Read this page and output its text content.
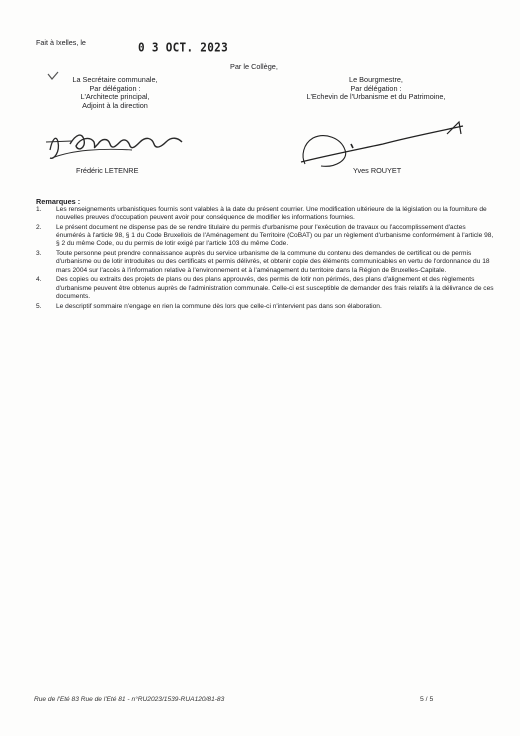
Fait à Ixelles, le	0 3 OCT. 2023
Par le Collège,
La Secrétaire communale,
Par délégation :
L'Architecte principal,
Adjoint à la direction
Le Bourgmestre,
Par délégation :
L'Echevin de l'Urbanisme et du Patrimoine,
Frédéric LETENRE	Yves ROUYET
Remarques :
1. Les renseignements urbanistiques fournis sont valables à la date du présent courrier. Une modification ultérieure de la législation ou la fourniture de nouvelles preuves d'occupation peuvent avoir pour conséquence de modifier les informations fournies.
2. Le présent document ne dispense pas de se rendre titulaire du permis d'urbanisme pour l'exécution de travaux ou l'accomplissement d'actes énumérés à l'article 98, § 1 du Code Bruxellois de l'Aménagement du Territoire (CoBAT) ou par un règlement d'urbanisme conformément à l'article 98, § 2 du même Code, ou du permis de lotir exigé par l'article 103 du même Code.
3. Toute personne peut prendre connaissance auprès du service urbanisme de la commune du contenu des demandes de certificat ou de permis d'urbanisme ou de lotir introduites ou des certificats et permis délivrés, et obtenir copie des éléments communicables en vertu de l'ordonnance du 18 mars 2004 sur l'accès à l'information relative à l'environnement et à l'aménagement du territoire dans la Région de Bruxelles-Capitale.
4. Des copies ou extraits des projets de plans ou des plans approuvés, des permis de lotir non périmés, des plans d'alignement et des règlements d'urbanisme peuvent être obtenus auprès de l'administration communale. Celle-ci est susceptible de demander des frais relatifs à la délivrance de ces documents.
5. Le descriptif sommaire n'engage en rien la commune dès lors que celle-ci n'intervient pas dans son élaboration.
Rue de l'Eté 83 Rue de l'Eté 81 - n°RU2023/1539-RUA120/81-83	5 / 5
